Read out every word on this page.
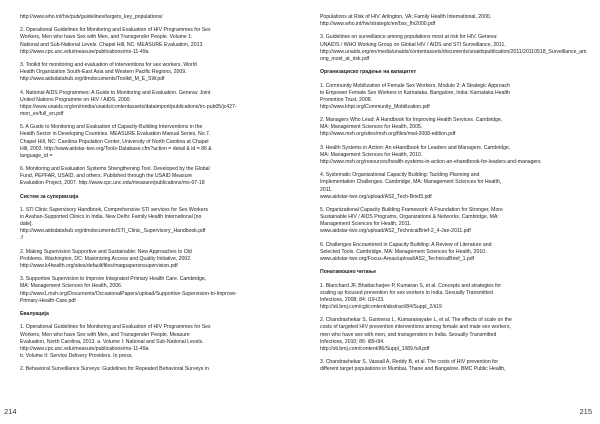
http://www.who.int/hiv/pub/guidelines/targets_key_populations/
2. Operational Guidelines for Monitoring and Evaluation of HIV Programmes for Sex
Workers, Men who have Sex with Men, and Transgender People. Volume 1:
National and Sub-National Levels. Chapel Hill, NC: MEASURE Evaluation, 2013.
http://www.cpc.unc.edu/measure/publications/ms-11-49a
3. Toolkit for monitoring and evaluation of interventions for sex workers. World
Health Organization South-East Asia and Western Pacific Regions, 2009.
http://www.aidsdatahub.org/dmdocuments/Toolkit_M_E_SW.pdf
4. National AIDS Programmes: A Guide to Monitoring and Evaluation. Geneva: Joint
United Nations Programme on HIV / AIDS, 2000.
https://www.unaids.org/en/media/unaids/contentassets/dataimport/publications/irc-pub05/jc427-
mon_ev/full_en.pdf
5. A Guide to Monitoring and Evaluation of Capacity-Building Interventions in the
Health Sector in Developing Countries. MEASURE Evaluation Manual Series, No.7.
Chapel Hill, NC: Carolina Population Center, University of North Carolina at Chapel
Hill, 2003. http://www.aidstar-two.org/Tools-Database.cfm?action = detail & id = 86 &
language_id =
6. Monitoring and Evaluation Systems Strengthening Tool. Developed by the Global
Fund, PEPFAR, USAID, and others. Published through the USAID Measure
Evaluation Project, 2007. http://www.cpc.unc.edu/measure/publications/ms-07-18
Систем за супервизија
1. STI Clinic Supervisory Handbook, Comprehensive STI services for Sex Workers
in Avahan-Supported Clinics in India. New Delhi: Family Health International [no
date].
http://www.aidsdatahub.org/dmdocuments/STI_Clinic_Supervisory_Handbook.pdf
.f
2. Making Supervision Supportive and Sustainable: New Approaches to Old
Problems. Washington, DC: Maximizing Access and Quality Initiative, 2002.
http://www.k4health.org/sites/default/files/maqpaperonsupervision.pdf
3. Supportive Supervision to Improve Integrated Primary Health Care. Cambridge,
MA: Management Sciences for Health, 2006.
http://www1.msh.org/Documents/OccasionalPapers/upload/Supportive-Supervision-to-Improve-
Primary-Health-Care.pdf
Евалуација
1. Operational Guidelines for Monitoring and Evaluation of HIV Programmes for Sex
Workers, Men who have Sex with Men, and Transgender People. Measure
Evaluation, North Carolina, 2013. a. Volume I: National and Sub-National Levels.
http://www.cpc.unc.edu/measure/publications/ms-11-49a
b. Volume II: Service Delivery Providers. In press.
2. Behavioral Surveillance Surveys: Guidelines for Repeated Behavioral Surveys in
214
Populations at Risk of HIV. Arlington, VA: Family Health International, 2000.
http://www.who.int/hiv/strategic/en/bss_fhi2000.pdf
3. Guidelines on surveillance among populations most at risk for HIV. Geneva:
UNAIDS / WHO Working Group on Global HIV / AIDS and STI Surveillance, 2011.
http://www.unaids.org/en/media/unaids/contentassets/documents/unaidspublication/2011/20110518_Surveillance_among_most_at_risk.pdf
Организациско градење на капацитет
1. Community Mobilization of Female Sex Workers. Module 2: A Strategic Approach
to Empower Female Sex Workers in Karnataka. Bangalore, India: Karnataka Health
Promotion Trust, 2008.
http://www.khpt.org/Community_Mobilization.pdf
2. Managers Who Lead: A Handbook for Improving Health Services. Cambridge,
MA: Management Sciences for Health, 2005.
http://www.msh.org/sites/msh.org/files/mwl-2008-edition.pdf
3. Health Systems in Action: An eHandbook for Leaders and Managers. Cambridge,
MA: Management Sciences for Health, 2010.
http://www.msh.org/resources/health-systems-in-action-an-ehandbook-for-leaders-and-managers
4. Systematic Organizational Capacity Building: Tackling Planning and
Implementation Challenges. Cambridge, MA: Management Sciences for Health,
2011.
www.aidstar-two.org/upload/AS2_Tech-Brief3.pdf
5. Organizational Capacity Building Framework: A Foundation for Stronger, More
Sustainable HIV / AIDS Programs, Organizations & Networks. Cambridge, MA:
Management Sciences for Health, 2011.
www.aidstar-two.org/upload/AS2_TechnicalBrief-2_4-Jan-2011.pdf
6. Challenges Encountered in Capacity Building: A Review of Literature and
Selected Tools. Cambridge, MA: Management Sciences for Health, 2010.
www.aidstar-two.org/Focus-Areas/upload/AS2_TechnicalBrief_1.pdf
Понатамошно читање
1. Blanchard JF, Bhattacharjee P, Kumaran S, et al. Concepts and strategies for
scaling up focused prevention for sex workers in India. Sexually Transmitted
Infections, 2008; 84: i19-i23.
http://sti.bmj.com/cgi/content/abstract/84/Suppl_2/ii19
2. Chandrashekar S, Guinness L, Kumaranayake L, et al. The effects of scale on the
costs of targeted HIV prevention interventions among female and male sex workers,
men who have sex with men, and transgenders in India. Sexually Transmitted
Infections, 2010; 86: i89-i94.
http://sti.bmj.com/content/86/Suppl_1/i89.full.pdf
3. Chandrashekar S, Vassall A, Reddy B, et al. The costs of HIV prevention for
different target populations in Mumbai, Thane and Bangalore. BMC Public Health,
215
